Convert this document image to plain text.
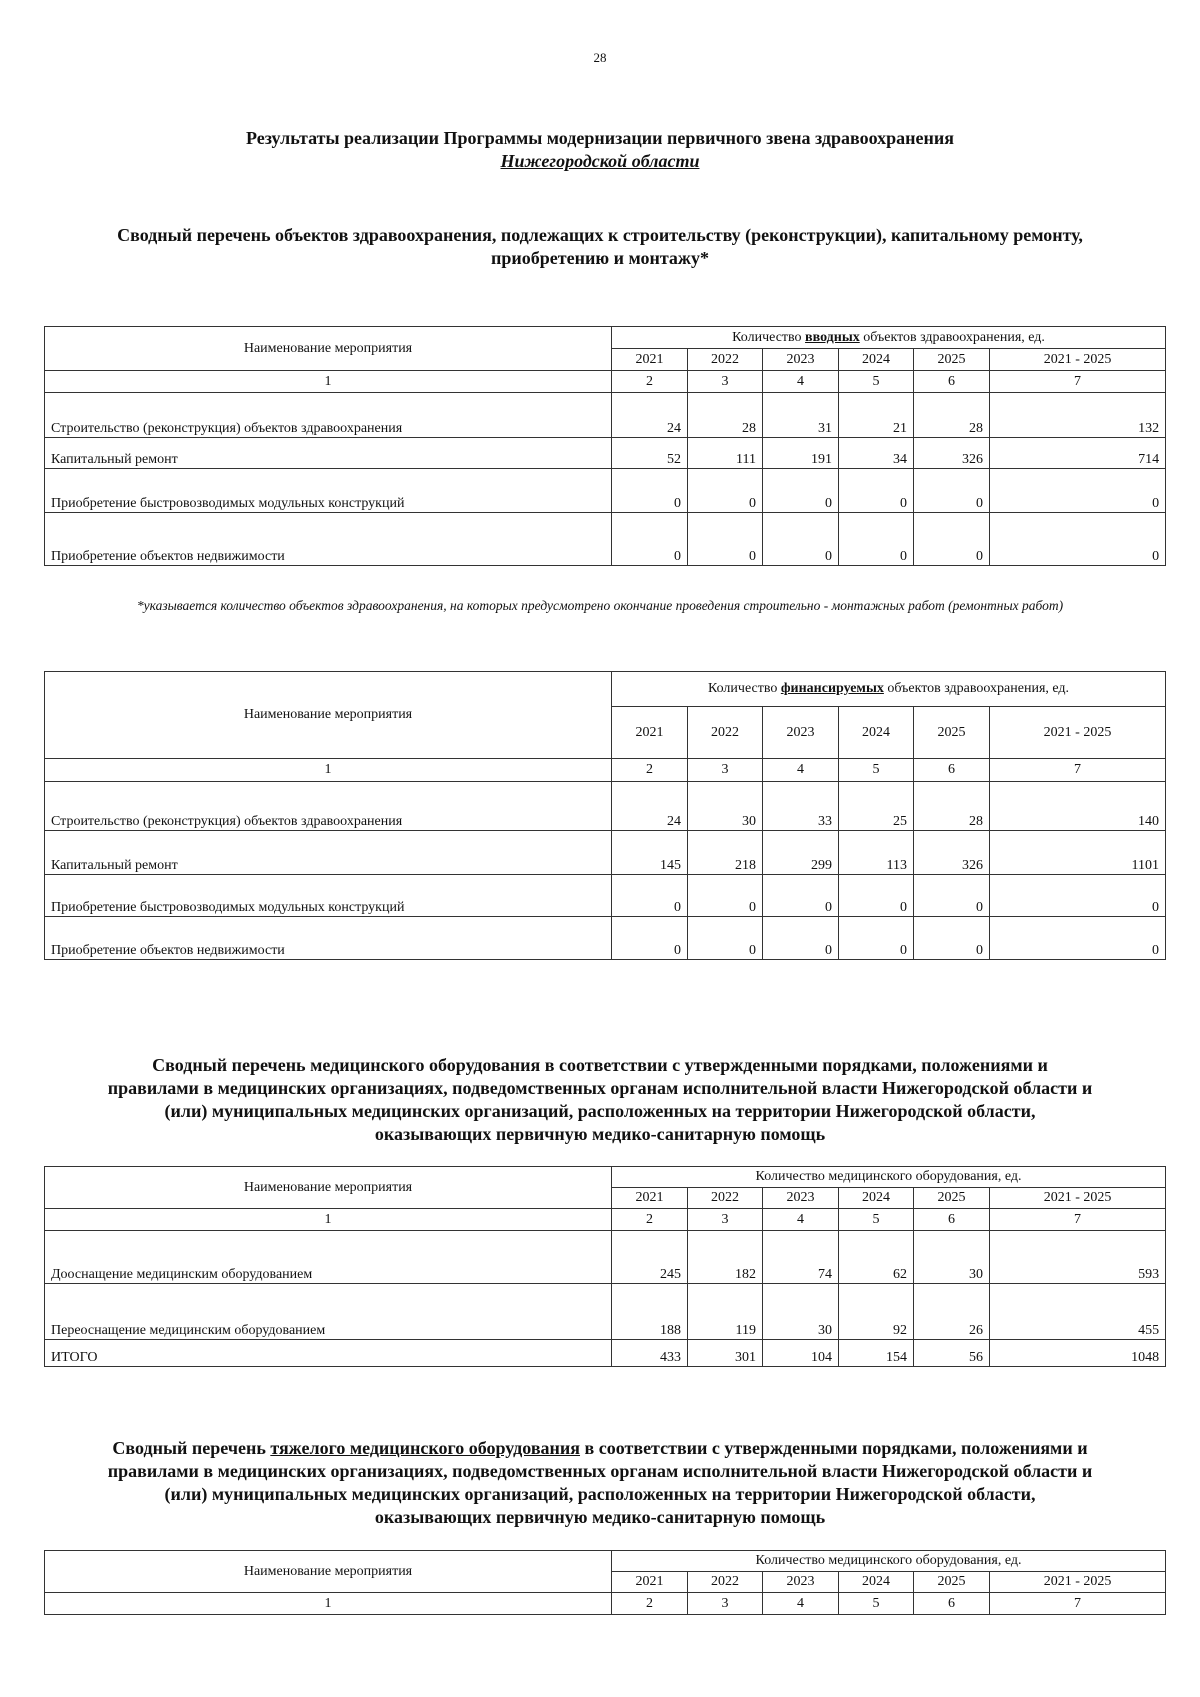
28
Результаты реализации Программы модернизации первичного звена здравоохранения
Нижегородской области
Сводный перечень объектов здравоохранения, подлежащих к строительству (реконструкции), капитальному ремонту,
приобретению и монтажу*
Наименование мероприятия	Количество вводных объектов здравоохранения, ед.					
	2021	2022	2023	2024	2025	2021 - 2025
1	2	3	4	5	6	7
Строительство (реконструкция) объектов здравоохранения	24	28	31	21	28	132
Капитальный ремонт	52	111	191	34	326	714
Приобретение быстровозводимых модульных конструкций	0	0	0	0	0	0
Приобретение объектов недвижимости	0	0	0	0	0	0
*указывается количество объектов здравоохранения, на которых предусмотрено окончание проведения строительно - монтажных работ (ремонтных работ)
Наименование мероприятия	Количество финансируемых объектов здравоохранения, ед.					
	2021	2022	2023	2024	2025	2021 - 2025
1	2	3	4	5	6	7
Строительство (реконструкция) объектов здравоохранения	24	30	33	25	28	140
Капитальный ремонт	145	218	299	113	326	1101
Приобретение быстровозводимых модульных конструкций	0	0	0	0	0	0
Приобретение объектов недвижимости	0	0	0	0	0	0
Сводный перечень медицинского оборудования в соответствии с утвержденными порядками, положениями и
правилами в медицинских организациях, подведомственных органам исполнительной власти Нижегородской области и
(или) муниципальных медицинских организаций, расположенных на территории Нижегородской области,
оказывающих первичную медико-санитарную помощь
Наименование мероприятия	Количество медицинского оборудования, ед.					
	2021	2022	2023	2024	2025	2021 - 2025
1	2	3	4	5	6	7
Дооснащение медицинским оборудованием	245	182	74	62	30	593
Переоснащение медицинским оборудованием	188	119	30	92	26	455
ИТОГО	433	301	104	154	56	1048
Сводный перечень тяжелого медицинского оборудования в соответствии с утвержденными порядками, положениями и
правилами в медицинских организациях, подведомственных органам исполнительной власти Нижегородской области и
(или) муниципальных медицинских организаций, расположенных на территории Нижегородской области,
оказывающих первичную медико-санитарную помощь
Наименование мероприятия	Количество медицинского оборудования, ед.					
	2021	2022	2023	2024	2025	2021 - 2025
1	2	3	4	5	6	7
